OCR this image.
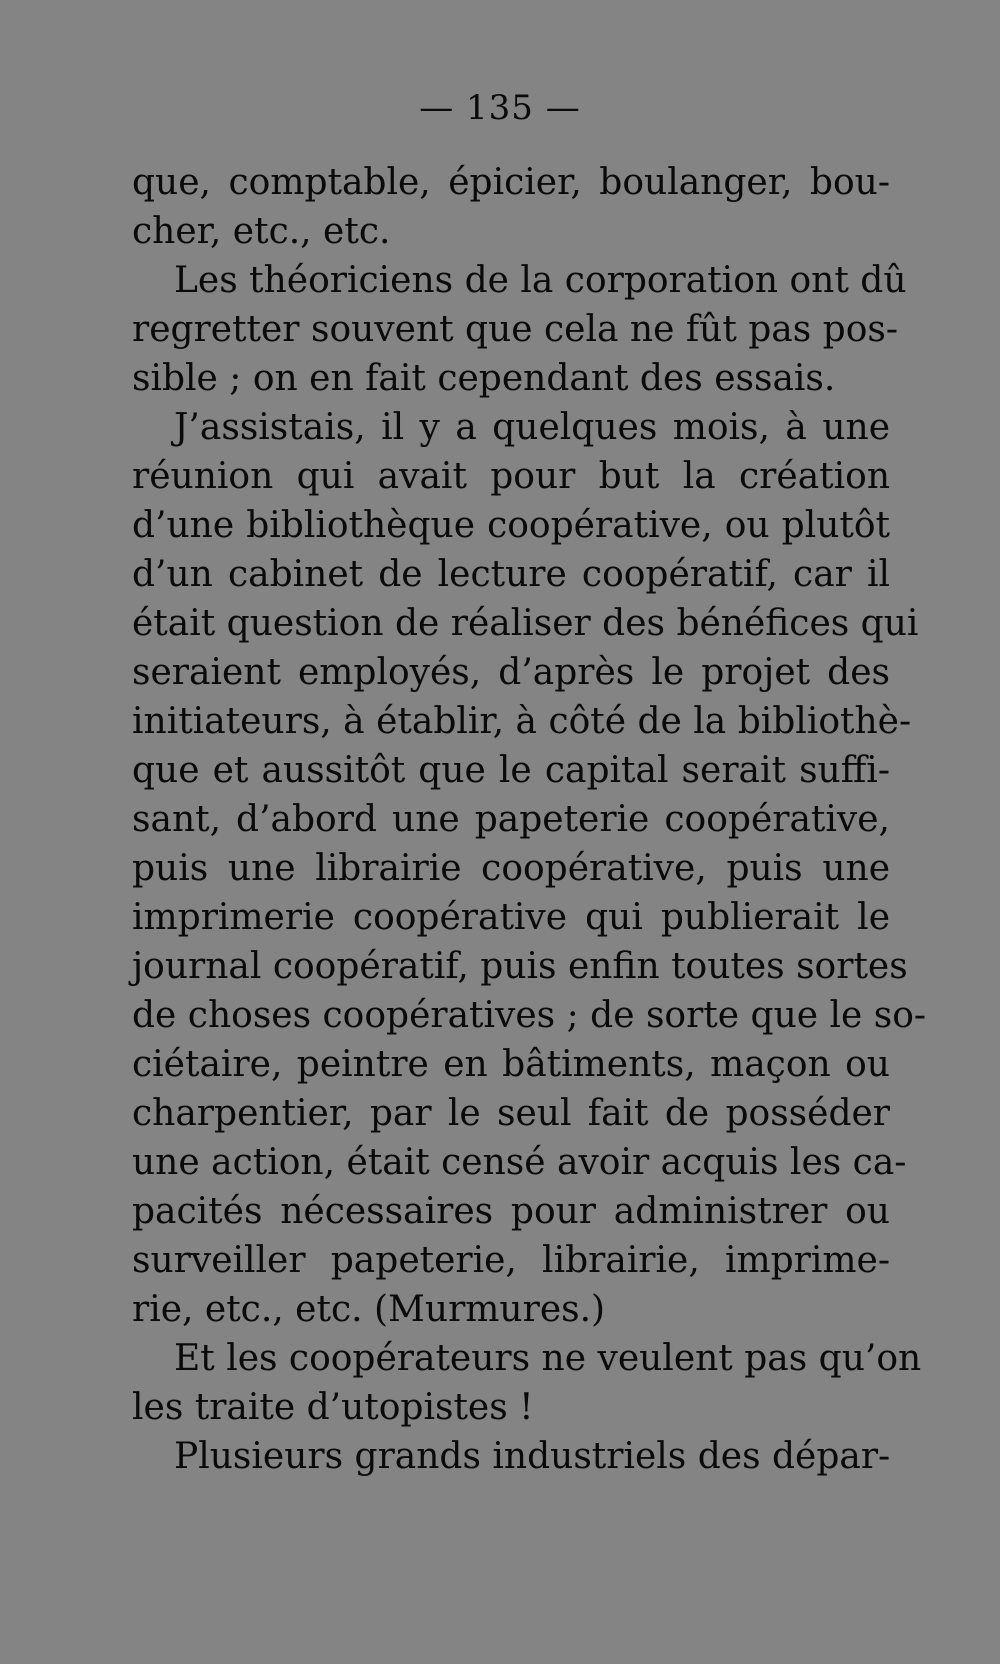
— 135 —
que, comptable, épicier, boulanger, bou-
cher, etc., etc.
Les théoriciens de la corporation ont dû
regretter souvent que cela ne fût pas pos-
sible ; on en fait cependant des essais.
J’assistais, il y a quelques mois, à une
réunion qui avait pour but la création
d’une bibliothèque coopérative, ou plutôt
d’un cabinet de lecture coopératif, car il
était question de réaliser des bénéfices qui
seraient employés, d’après le projet des
initiateurs, à établir, à côté de la bibliothè-
que et aussitôt que le capital serait suffi-
sant, d’abord une papeterie coopérative,
puis une librairie coopérative, puis une
imprimerie coopérative qui publierait le
journal coopératif, puis enfin toutes sortes
de choses coopératives ; de sorte que le so-
ciétaire, peintre en bâtiments, maçon ou
charpentier, par le seul fait de posséder
une action, était censé avoir acquis les ca-
pacités nécessaires pour administrer ou
surveiller papeterie, librairie, imprime-
rie, etc., etc. (Murmures.)
Et les coopérateurs ne veulent pas qu’on
les traite d’utopistes !
Plusieurs grands industriels des dépar-
